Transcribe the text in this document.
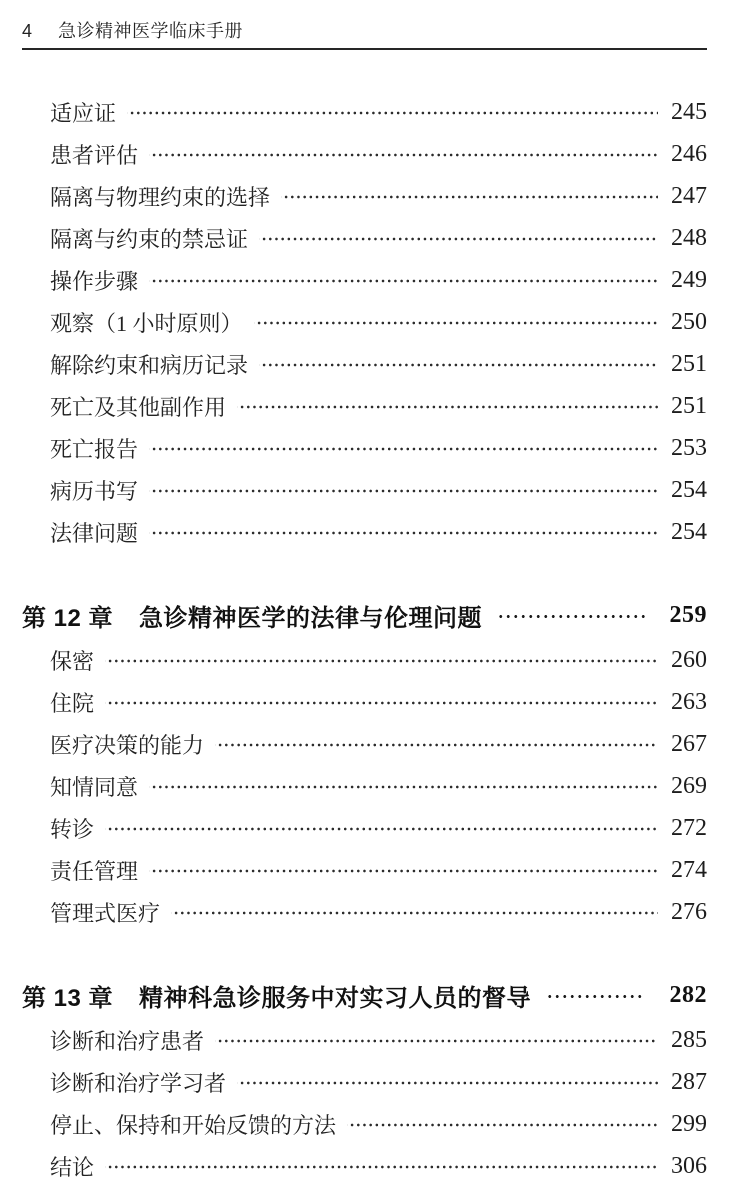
4 急诊精神医学临床手册
适应证	245
患者评估	246
隔离与物理约束的选择	247
隔离与约束的禁忌证	248
操作步骤	249
观察（1 小时原则）	250
解除约束和病历记录	251
死亡及其他副作用	251
死亡报告	253
病历书写	254
法律问题	254
第 12 章 急诊精神医学的法律与伦理问题	259
保密	260
住院	263
医疗决策的能力	267
知情同意	269
转诊	272
责任管理	274
管理式医疗	276
第 13 章 精神科急诊服务中对实习人员的督导	282
诊断和治疗患者	285
诊断和治疗学习者	287
停止、保持和开始反馈的方法	299
结论	306
